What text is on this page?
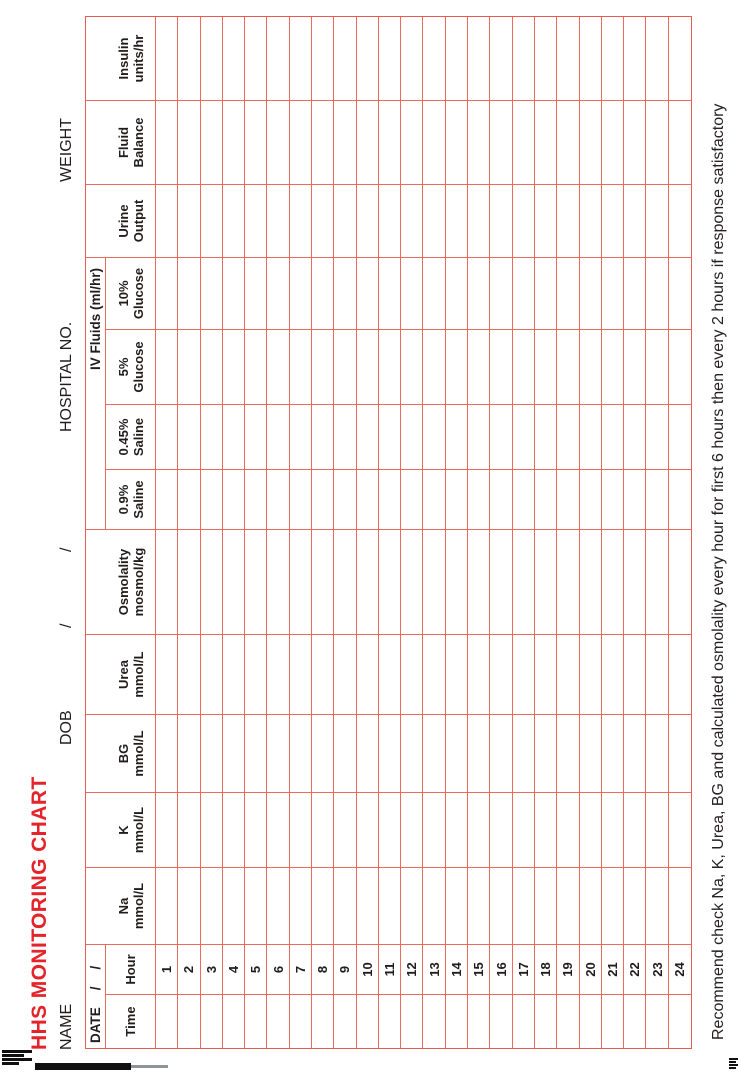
HHS MONITORING CHART NAME
DOB
/
/
HOSPITAL NO.
WEIGHT
DATE
/
/
IV Fluids (ml/hr)
Time
Hour
Na mmol/L
K mmol/L
BG mmol/L
Urea mmol/L
Osmolality mosmol/kg
0.9% Saline
0.45% Saline
5% Glucose
10% Glucose
Urine Output
Fluid Balance
Insulin units/hr
1 2 3 4 5 6 7 8 9 10 11 12 13 14 15 16 17 18 19 20 21 22 23 24 Recommend check Na, K, Urea, BG and calculated osmolality every hour for first 6 hours then every 2 hours if response satisfactory
